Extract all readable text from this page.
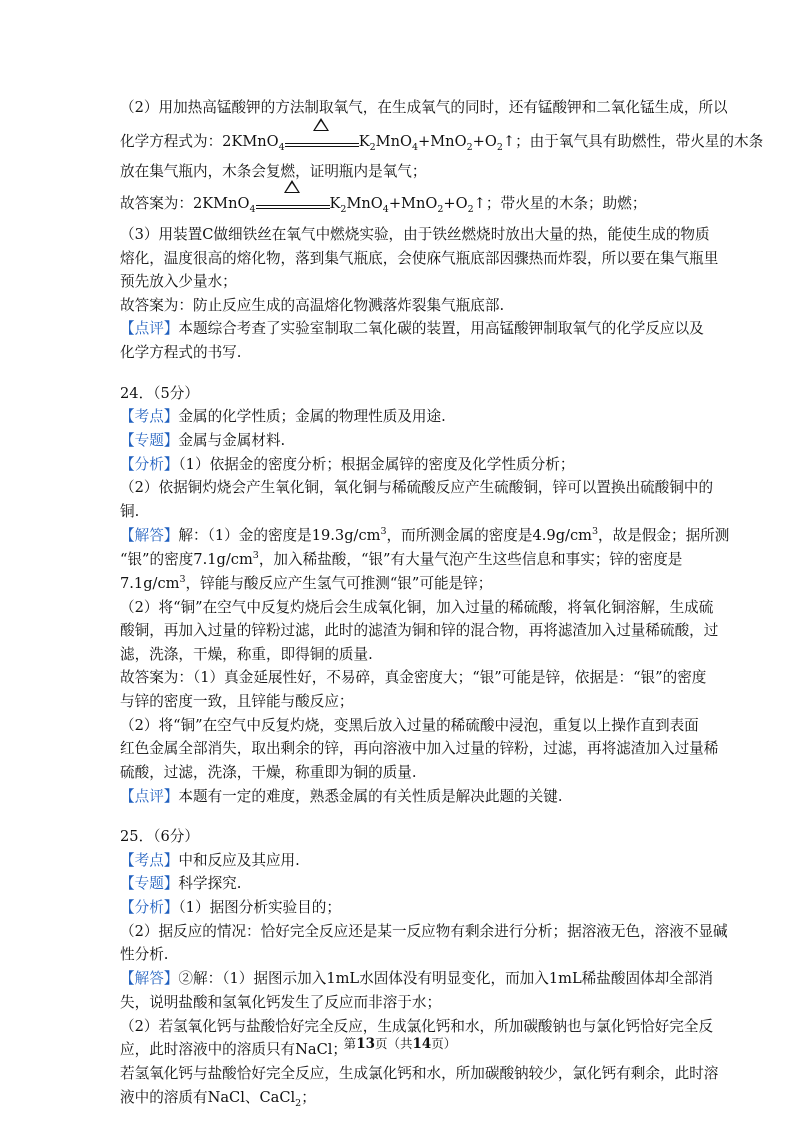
（2）用加热高锰酸钾的方法制取氧气，在生成氧气的同时，还有锰酸钾和二氧化锰生成，所以
化学方程式为：2KMnO$_4$	$K_2MnO_4+MnO_2+O_2↑$；由于氧气具有助燃性，带火星的木条
放在集气瓶内，木条会复燃，证明瓶内是氧气；
故答案为：2KMnO$_4$	$K_2MnO_4+MnO_2+O_2↑$；带火星的木条；助燃；
（3）用装置C做细铁丝在氧气中燃烧实验，由于铁丝燃烧时放出大量的热，能使生成的物质
熔化，温度很高的熔化物，落到集气瓶底，会使庥气瓶底部因骤热而炸裂，所以要在集气瓶里
预先放入少量水；
故答案为：防止反应生成的高温熔化物溅落炸裂集气瓶底部.
【点评】本题综合考查了实验室制取二氧化碳的装置，用高锰酸钾制取氧气的化学反应以及
化学方程式的书写.
24．（5分）
【考点】金属的化学性质；金属的物理性质及用途.
【专题】金属与金属材料.
【分析】（1）依据金的密度分析；根据金属锌的密度及化学性质分析；
（2）依据铜灼烧会产生氧化铜，氧化铜与稀硫酸反应产生硫酸铜，锌可以置换出硫酸铜中的
铜.
【解答】解：（1）金的密度是$19.3g/cm^3$，而所测金属的密度是$4.9g/cm^3$，故是假金；据所测
“银”的密度$7.1g/cm^3$，加入稀盐酸，“银”有大量气泡产生这些信息和事实；锌的密度是
$7.1g/cm^3$，锌能与酸反应产生氢气可推测“银”可能是锌；
（2）将“铜”在空气中反复灼烧后会生成氧化铜，加入过量的稀硫酸，将氧化铜溶解，生成硫
酸铜，再加入过量的锌粉过滤，此时的滤渣为铜和锌的混合物，再将滤渣加入过量稀硫酸，过
滤，洗涤，干燥，称重，即得铜的质量.
故答案为：（1）真金延展性好，不易碎，真金密度大；“银”可能是锌，依据是：“银”的密度
与锌的密度一致，且锌能与酸反应；
（2）将“铜”在空气中反复灼烧，变黑后放入过量的稀硫酸中浸泡，重复以上操作直到表面
红色金属全部消失，取出剩余的锌，再向溶液中加入过量的锌粉，过滤，再将滤渣加入过量稀
硫酸，过滤，洗涤，干燥，称重即为铜的质量.
【点评】本题有一定的难度，熟悉金属的有关性质是解决此题的关键.
25．（6分）
【考点】中和反应及其应用.
【专题】科学探究.
【分析】（1）据图分析实验目的；
（2）据反应的情况：恰好完全反应还是某一反应物有剩余进行分析；据溶液无色，溶液不显碱
性分析.
【解答】②解：（1）据图示加入1mL水固体没有明显变化，而加入1mL稀盐酸固体却全部消
失，说明盐酸和氢氧化钙发生了反应而非溶于水；
（2）若氢氧化钙与盐酸恰好完全反应，生成氯化钙和水，所加碳酸钠也与氯化钙恰好完全反
应，此时溶液中的溶质只有NaCl；
若氢氧化钙与盐酸恰好完全反应，生成氯化钙和水，所加碳酸钠较少，氯化钙有剩余，此时溶
液中的溶质有NaCl、CaCl$_2$；
第13页（共14页）
